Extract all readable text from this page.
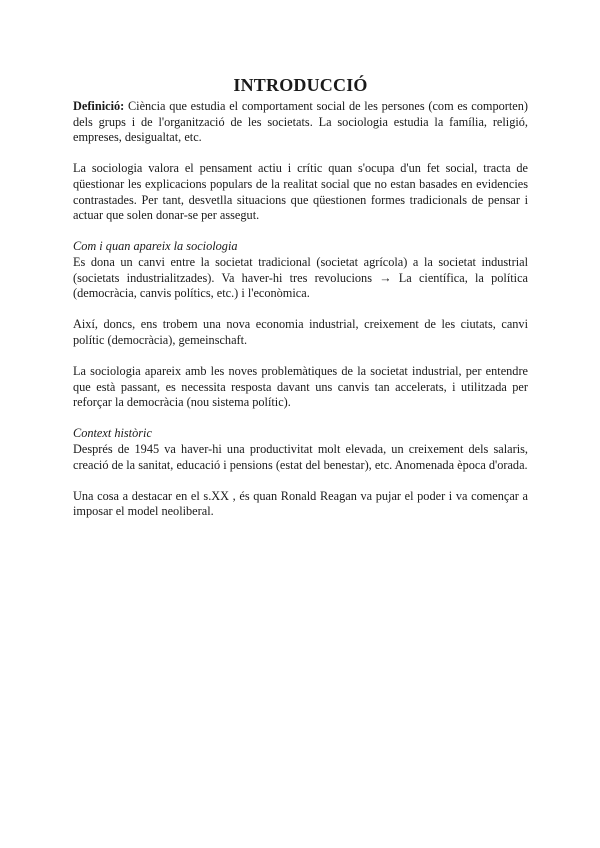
INTRODUCCIÓ

Definició: Ciència que estudia el comportament social de les persones (com es comporten) dels grups i de l'organització de les societats. La sociologia estudia la família, religió, empreses, desigualtat, etc.

La sociologia valora el pensament actiu i crític quan s'ocupa d'un fet social, tracta de qüestionar les explicacions populars de la realitat social que no estan basades en evidencies contrastades. Per tant, desvetlla situacions que qüestionen formes tradicionals de pensar i actuar que solen donar-se per assegut.

Com i quan apareix la sociologia

Es dona un canvi entre la societat tradicional (societat agrícola) a la societat industrial (societats industrialitzades). Va haver-hi tres revolucions → La científica, la política (democràcia, canvis polítics, etc.) i l'econòmica.

Així, doncs, ens trobem una nova economia industrial, creixement de les ciutats, canvi polític (democràcia), gemeinschaft.

La sociologia apareix amb les noves problemàtiques de la societat industrial, per entendre que està passant, es necessita resposta davant uns canvis tan accelerats, i utilitzada per reforçar la democràcia (nou sistema polític).

Context històric

Després de 1945 va haver-hi una productivitat molt elevada, un creixement dels salaris, creació de la sanitat, educació i pensions (estat del benestar), etc. Anomenada època d'orada.

Una cosa a destacar en el s.XX , és quan Ronald Reagan va pujar el poder i va començar a imposar el model neoliberal.
